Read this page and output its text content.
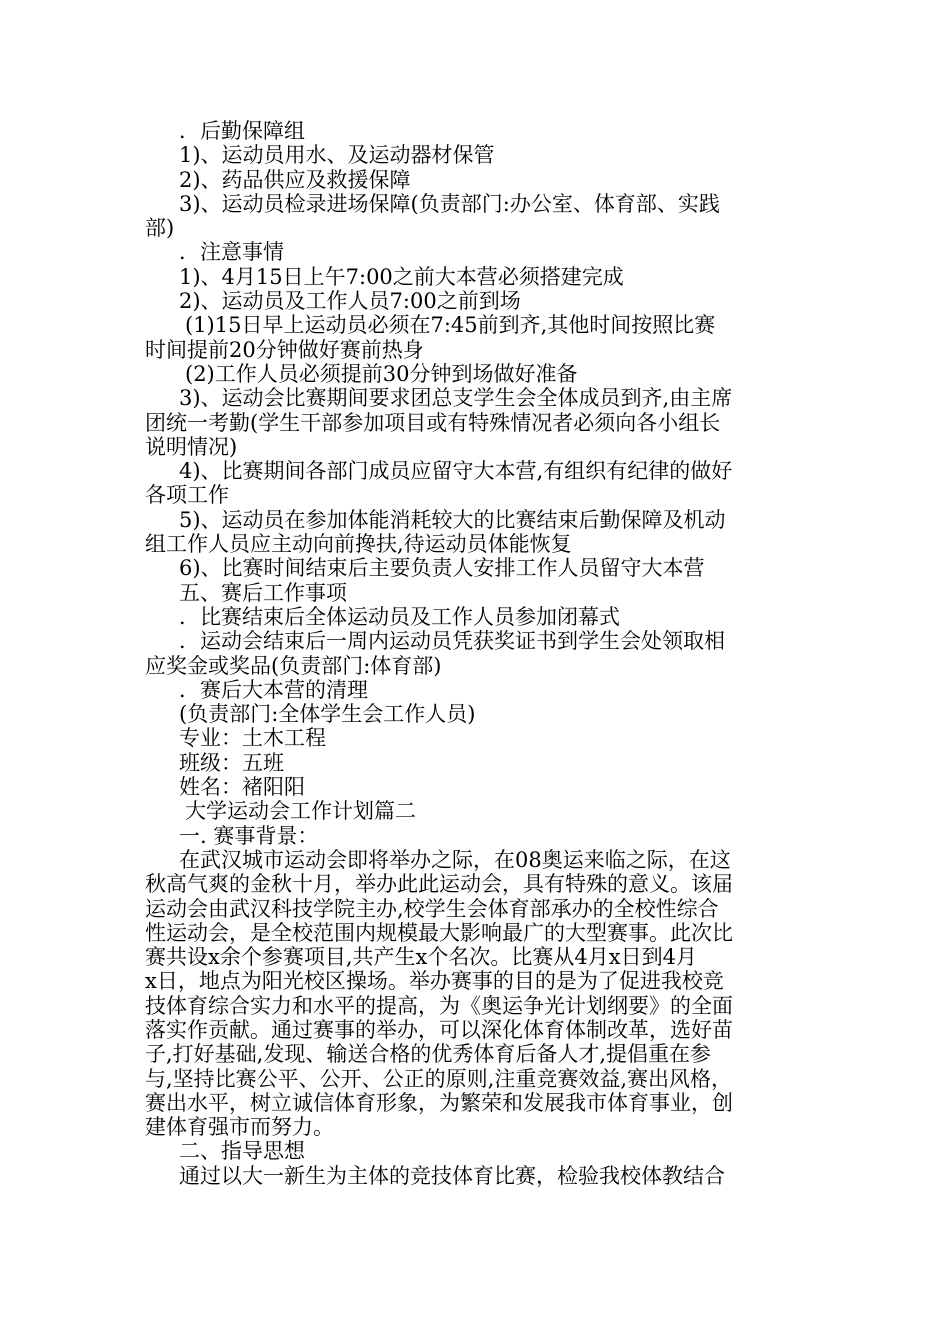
．后勤保障组
1)、运动员用水、及运动器材保管
2)、药品供应及救援保障
3)、运动员检录进场保障(负责部门:办公室、体育部、实践
部)
．注意事情
1)、4月15日上午7:00之前大本营必须搭建完成
2)、运动员及工作人员7:00之前到场
(1)15日早上运动员必须在7:45前到齐,其他时间按照比赛
时间提前20分钟做好赛前热身
(2)工作人员必须提前30分钟到场做好准备
3)、运动会比赛期间要求团总支学生会全体成员到齐,由主席
团统一考勤(学生干部参加项目或有特殊情况者必须向各小组长
说明情况)
4)、比赛期间各部门成员应留守大本营,有组织有纪律的做好
各项工作
5)、运动员在参加体能消耗较大的比赛结束后勤保障及机动
组工作人员应主动向前搀扶,待运动员体能恢复
6)、比赛时间结束后主要负责人安排工作人员留守大本营
五、赛后工作事项
．比赛结束后全体运动员及工作人员参加闭幕式
．运动会结束后一周内运动员凭获奖证书到学生会处领取相
应奖金或奖品(负责部门:体育部)
．赛后大本营的清理
(负责部门:全体学生会工作人员)
专业：土木工程
班级：五班
姓名：褚阳阳
大学运动会工作计划篇二
一. 赛事背景：
在武汉城市运动会即将举办之际，在08奥运来临之际，在这
秋高气爽的金秋十月，举办此此运动会，具有特殊的意义。该届
运动会由武汉科技学院主办,校学生会体育部承办的全校性综合
性运动会，是全校范围内规模最大影响最广的大型赛事。此次比
赛共设x余个参赛项目,共产生x个名次。比赛从4月x日到4月
x日，地点为阳光校区操场。举办赛事的目的是为了促进我校竞
技体育综合实力和水平的提高，为《奥运争光计划纲要》的全面
落实作贡献。通过赛事的举办，可以深化体育体制改革，选好苗
子,打好基础,发现、输送合格的优秀体育后备人才,提倡重在参
与,坚持比赛公平、公开、公正的原则,注重竞赛效益,赛出风格，
赛出水平，树立诚信体育形象，为繁荣和发展我市体育事业，创
建体育强市而努力。
二、指导思想
通过以大一新生为主体的竞技体育比赛，检验我校体教结合
